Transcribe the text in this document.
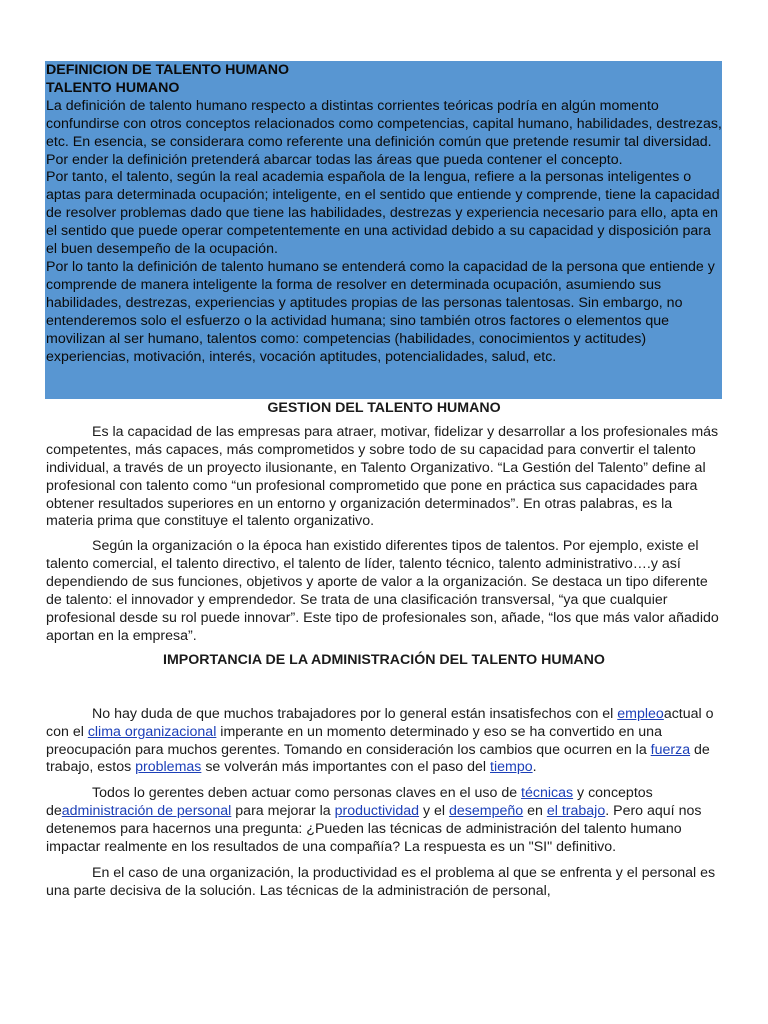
DEFINICION DE TALENTO HUMANO
TALENTO HUMANO

La definición de talento humano respecto a distintas corrientes teóricas podría en algún momento confundirse con otros conceptos relacionados como competencias, capital humano, habilidades, destrezas, etc. En esencia, se considerara como referente una definición común que pretende resumir tal diversidad. Por ender la definición pretenderá abarcar todas las áreas que pueda contener el concepto.

Por tanto, el talento, según la real academia española de la lengua, refiere a la personas inteligentes o aptas para determinada ocupación; inteligente, en el sentido que entiende y comprende, tiene la capacidad de resolver problemas dado que tiene las habilidades, destrezas y experiencia necesario para ello, apta en el sentido que puede operar competentemente en una actividad debido a su capacidad y disposición para el buen desempeño de la ocupación.

Por lo tanto la definición de talento humano se entenderá como la capacidad de la persona que entiende y comprende de manera inteligente la forma de resolver en determinada ocupación, asumiendo sus habilidades, destrezas, experiencias y aptitudes propias de las personas talentosas. Sin embargo, no entenderemos solo el esfuerzo o la actividad humana; sino también otros factores o elementos que movilizan al ser humano, talentos como: competencias (habilidades, conocimientos y actitudes) experiencias, motivación, interés, vocación aptitudes, potencialidades, salud, etc.

GESTION DEL TALENTO HUMANO

Es la capacidad de las empresas para atraer, motivar, fidelizar y desarrollar a los profesionales más competentes, más capaces, más comprometidos y sobre todo de su capacidad para convertir el talento individual, a través de un proyecto ilusionante, en Talento Organizativo. “La Gestión del Talento” define al profesional con talento como “un profesional comprometido que pone en práctica sus capacidades para obtener resultados superiores en un entorno y organización determinados”. En otras palabras, es la materia prima que constituye el talento organizativo.

Según la organización o la época han existido diferentes tipos de talentos. Por ejemplo, existe el talento comercial, el talento directivo, el talento de líder, talento técnico, talento administrativo….y así dependiendo de sus funciones, objetivos y aporte de valor a la organización. Se destaca un tipo diferente de talento: el innovador y emprendedor. Se trata de una clasificación transversal, “ya que cualquier profesional desde su rol puede innovar”. Este tipo de profesionales son, añade, “los que más valor añadido aportan en la empresa”.

IMPORTANCIA DE LA ADMINISTRACIÓN DEL TALENTO HUMANO

No hay duda de que muchos trabajadores por lo general están insatisfechos con el empleoactual o con el clima organizacional imperante en un momento determinado y eso se ha convertido en una preocupación para muchos gerentes. Tomando en consideración los cambios que ocurren en la fuerza de trabajo, estos problemas se volverán más importantes con el paso del tiempo.

Todos lo gerentes deben actuar como personas claves en el uso de técnicas y conceptos deadministración de personal para mejorar la productividad y el desempeño en el trabajo. Pero aquí nos detenemos para hacernos una pregunta: ¿Pueden las técnicas de administración del talento humano impactar realmente en los resultados de una compañía? La respuesta es un "SI" definitivo.

En el caso de una organización, la productividad es el problema al que se enfrenta y el personal es una parte decisiva de la solución. Las técnicas de la administración de personal,
